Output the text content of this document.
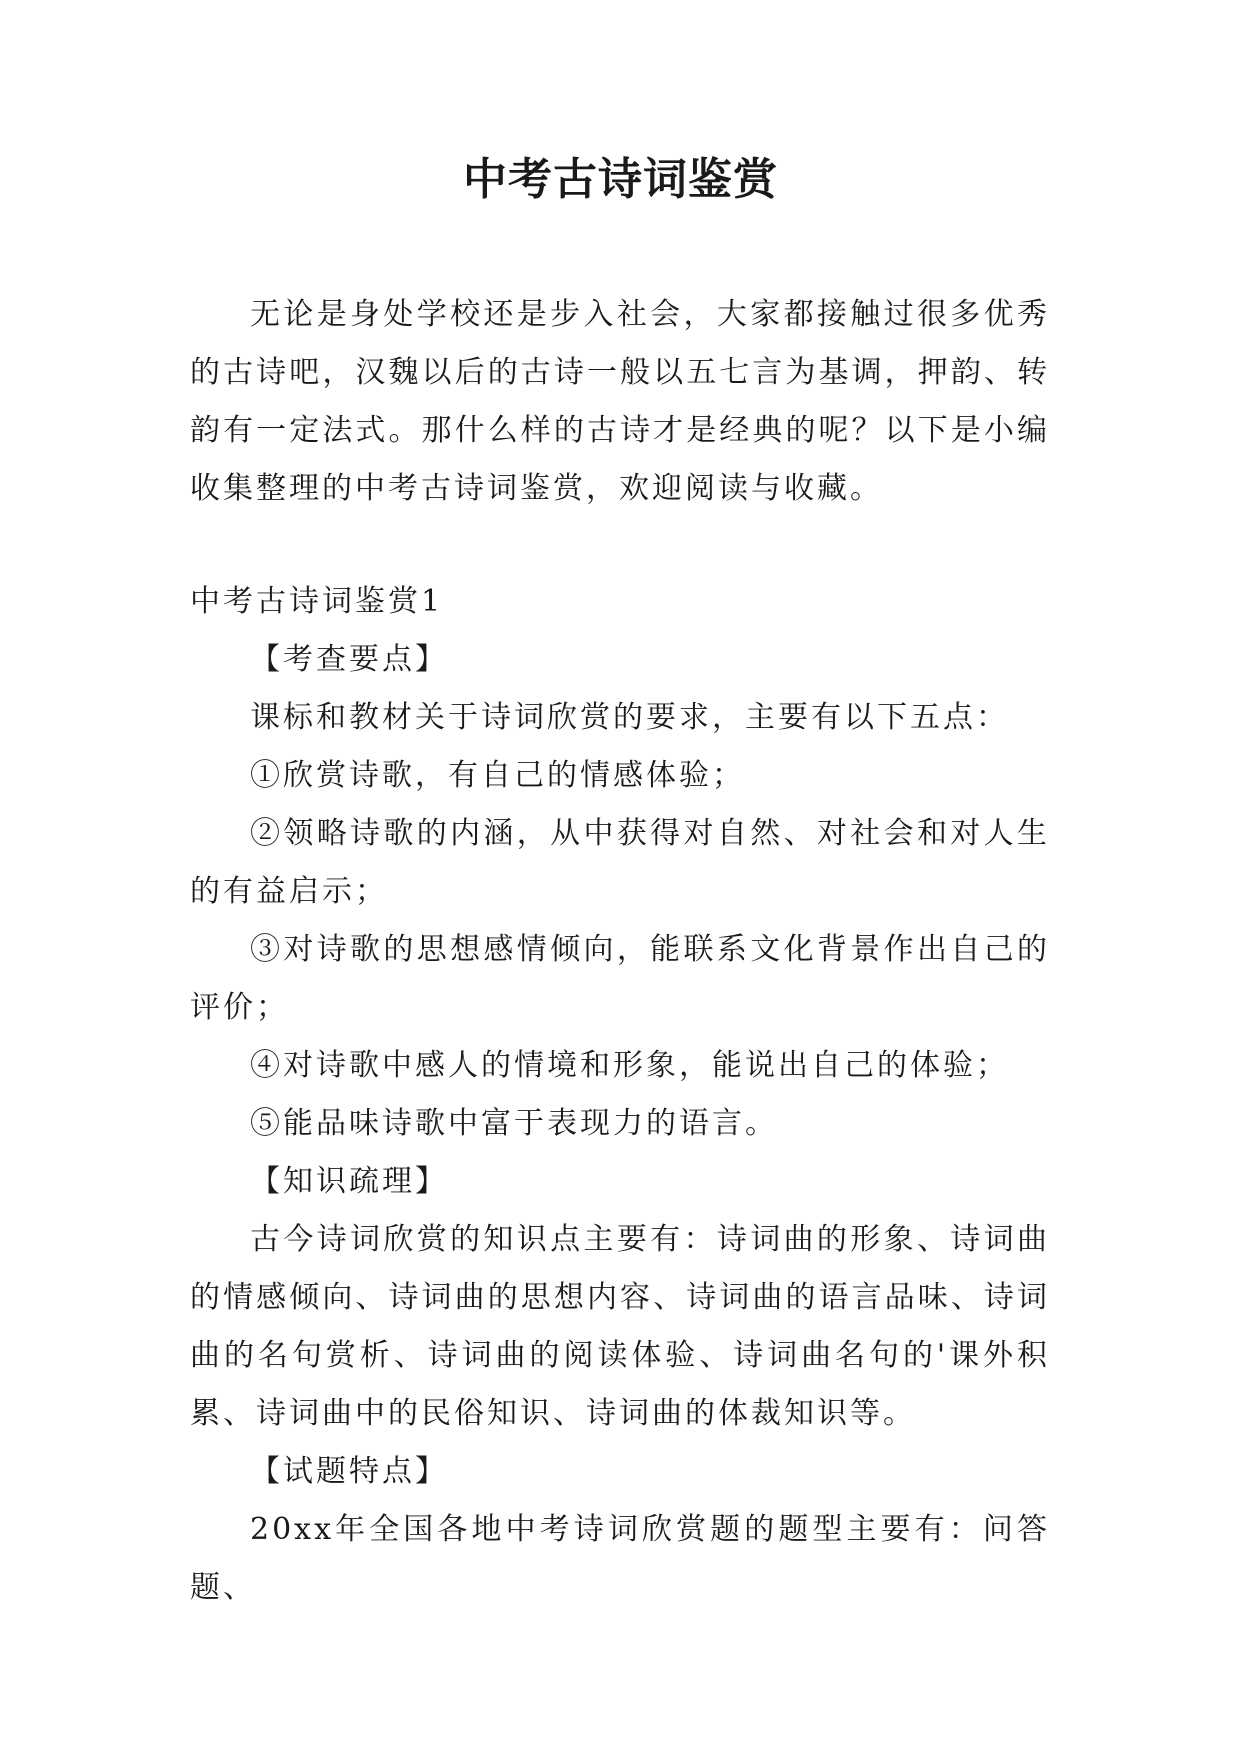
中考古诗词鉴赏

无论是身处学校还是步入社会，大家都接触过很多优秀的古诗吧，汉魏以后的古诗一般以五七言为基调，押韵、转韵有一定法式。那什么样的古诗才是经典的呢？以下是小编收集整理的中考古诗词鉴赏，欢迎阅读与收藏。

中考古诗词鉴赏1

【考查要点】

课标和教材关于诗词欣赏的要求，主要有以下五点：

①欣赏诗歌，有自己的情感体验；

②领略诗歌的内涵，从中获得对自然、对社会和对人生的有益启示；

③对诗歌的思想感情倾向，能联系文化背景作出自己的评价；

④对诗歌中感人的情境和形象，能说出自己的体验；

⑤能品味诗歌中富于表现力的语言。

【知识疏理】

古今诗词欣赏的知识点主要有：诗词曲的形象、诗词曲的情感倾向、诗词曲的思想内容、诗词曲的语言品味、诗词曲的名句赏析、诗词曲的阅读体验、诗词曲名句的'课外积累、诗词曲中的民俗知识、诗词曲的体裁知识等。

【试题特点】

20xx年全国各地中考诗词欣赏题的题型主要有：问答题、
